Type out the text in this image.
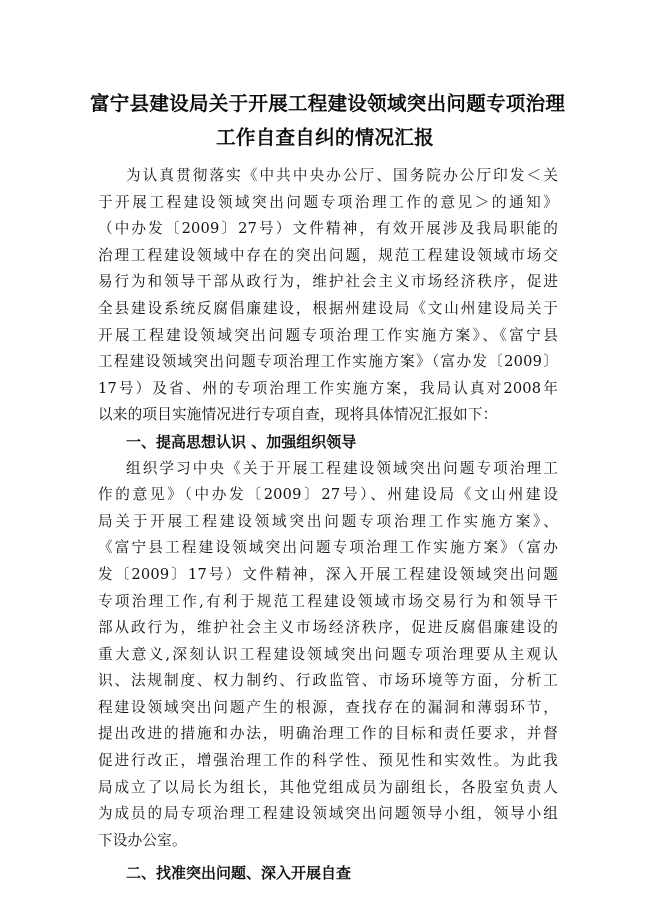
富宁县建设局关于开展工程建设领域突出问题专项治理
工作自查自纠的情况汇报
为认真贯彻落实《中共中央办公厅、国务院办公厅印发＜关
于开展工程建设领域突出问题专项治理工作的意见＞的通知》
（中办发〔2009〕27号）文件精神，有效开展涉及我局职能的
治理工程建设领域中存在的突出问题，规范工程建设领域市场交
易行为和领导干部从政行为，维护社会主义市场经济秩序，促进
全县建设系统反腐倡廉建设，根据州建设局《文山州建设局关于
开展工程建设领域突出问题专项治理工作实施方案》、《富宁县
工程建设领域突出问题专项治理工作实施方案》（富办发〔2009〕
17号）及省、州的专项治理工作实施方案，我局认真对2008年
以来的项目实施情况进行专项自查，现将具体情况汇报如下：
一、提高思想认识 、加强组织领导
组织学习中央《关于开展工程建设领域突出问题专项治理工
作的意见》（中办发〔2009〕27号）、州建设局《文山州建设
局关于开展工程建设领域突出问题专项治理工作实施方案》、
《富宁县工程建设领域突出问题专项治理工作实施方案》（富办
发〔2009〕17号）文件精神，深入开展工程建设领域突出问题
专项治理工作,有利于规范工程建设领域市场交易行为和领导干
部从政行为，维护社会主义市场经济秩序，促进反腐倡廉建设的
重大意义,深刻认识工程建设领域突出问题专项治理要从主观认
识、法规制度、权力制约、行政监管、市场环境等方面，分析工
程建设领域突出问题产生的根源，查找存在的漏洞和薄弱环节，
提出改进的措施和办法，明确治理工作的目标和责任要求，并督
促进行改正，增强治理工作的科学性、预见性和实效性。为此我
局成立了以局长为组长，其他党组成员为副组长，各股室负责人
为成员的局专项治理工程建设领域突出问题领导小组，领导小组
下设办公室。
二、找准突出问题、深入开展自查
